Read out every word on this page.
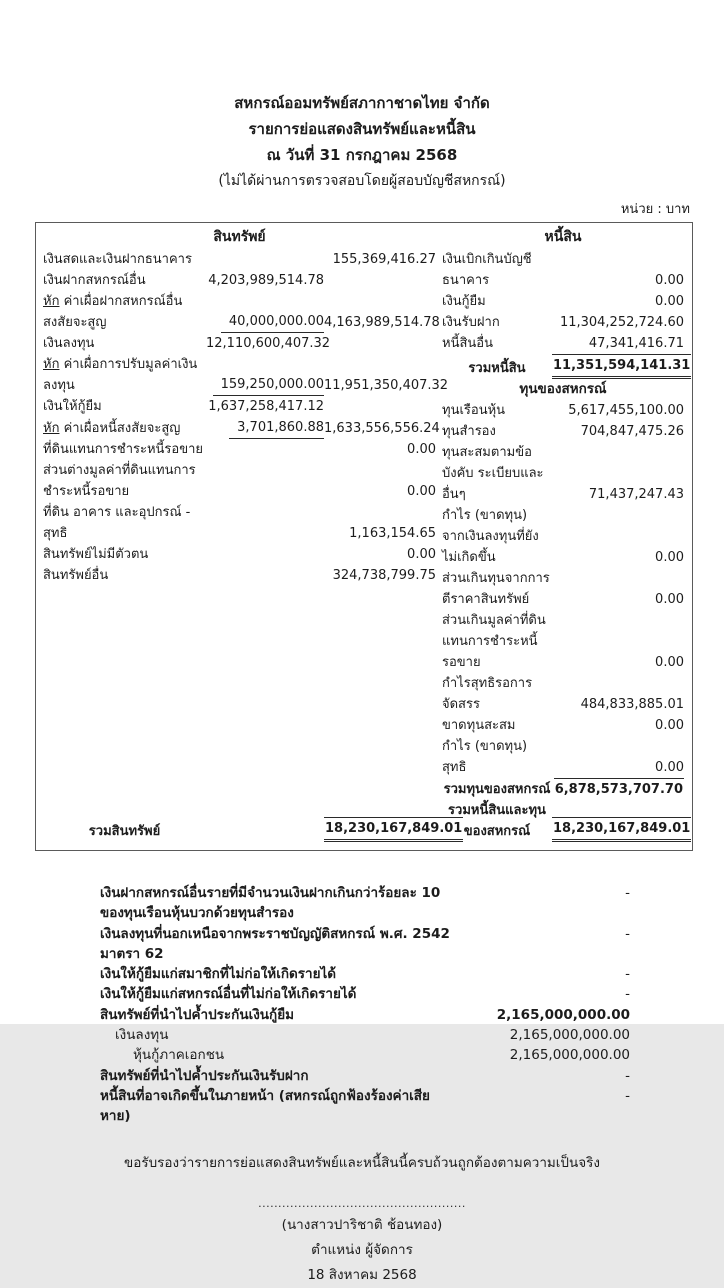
สหกรณ์ออมทรัพย์สภากาชาดไทย จำกัด
รายการย่อแสดงสินทรัพย์และหนี้สิน
ณ วันที่ 31 กรกฎาคม 2568
(ไม่ได้ผ่านการตรวจสอบโดยผู้สอบบัญชีสหกรณ์)
หน่วย : บาท
สินทรัพย์
เงินสดและเงินฝากธนาคาร	155,369,416.27
เงินฝากสหกรณ์อื่น	4,203,989,514.78
หัก ค่าเผื่อฝากสหกรณ์อื่นสงสัยจะสูญ	40,000,000.00 4,163,989,514.78
เงินลงทุน	12,110,600,407.32
หัก ค่าเผื่อการปรับมูลค่าเงินลงทุน	159,250,000.00 11,951,350,407.32
เงินให้กู้ยืม	1,637,258,417.12
หัก ค่าเผื่อหนี้สงสัยจะสูญ	3,701,860.88 1,633,556,556.24
ที่ดินแทนการชำระหนี้รอขาย	0.00
ส่วนต่างมูลค่าที่ดินแทนการชำระหนี้รอขาย	0.00
ที่ดิน อาคาร และอุปกรณ์ - สุทธิ	1,163,154.65
สินทรัพย์ไม่มีตัวตน	0.00
สินทรัพย์อื่น	324,738,799.75
รวมสินทรัพย์	18,230,167,849.01
หนี้สิน
เงินเบิกเกินบัญชีธนาคาร	0.00
เงินกู้ยืม	0.00
เงินรับฝาก	11,304,252,724.60
หนี้สินอื่น	47,341,416.71
รวมหนี้สิน	11,351,594,141.31
ทุนของสหกรณ์
ทุนเรือนหุ้น	5,617,455,100.00
ทุนสำรอง	704,847,475.26
ทุนสะสมตามข้อบังคับ ระเบียบและอื่นๆ	71,437,247.43
กำไร (ขาดทุน) จากเงินลงทุนที่ยังไม่เกิดขึ้น	0.00
ส่วนเกินทุนจากการตีราคาสินทรัพย์	0.00
ส่วนเกินมูลค่าที่ดินแทนการชำระหนี้รอขาย	0.00
กำไรสุทธิรอการจัดสรร	484,833,885.01
ขาดทุนสะสม	0.00
กำไร (ขาดทุน) สุทธิ	0.00
รวมทุนของสหกรณ์ 6,878,573,707.70
รวมหนี้สินและทุนของสหกรณ์	18,230,167,849.01
เงินฝากสหกรณ์อื่นรายที่มีจำนวนเงินฝากเกินกว่าร้อยละ 10 ของทุนเรือนหุ้นบวกด้วยทุนสำรอง
-
เงินลงทุนที่นอกเหนือจากพระราชบัญญัติสหกรณ์ พ.ศ. 2542 มาตรา 62
-
เงินให้กู้ยืมแก่สมาชิกที่ไม่ก่อให้เกิดรายได้	-
เงินให้กู้ยืมแก่สหกรณ์อื่นที่ไม่ก่อให้เกิดรายได้	-
สินทรัพย์ที่นำไปค้ำประกันเงินกู้ยืม	2,165,000,000.00
เงินลงทุน	2,165,000,000.00
หุ้นกู้ภาคเอกชน	2,165,000,000.00
สินทรัพย์ที่นำไปค้ำประกันเงินรับฝาก	-
หนี้สินที่อาจเกิดขึ้นในภายหน้า (สหกรณ์ถูกฟ้องร้องค่าเสียหาย)
-
ขอรับรองว่ารายการย่อแสดงสินทรัพย์และหนี้สินนี้ครบถ้วนถูกต้องตามความเป็นจริง
....................................................
(นางสาวปาริชาติ ช้อนทอง)
ตำแหน่ง ผู้จัดการ
18 สิงหาคม 2568
